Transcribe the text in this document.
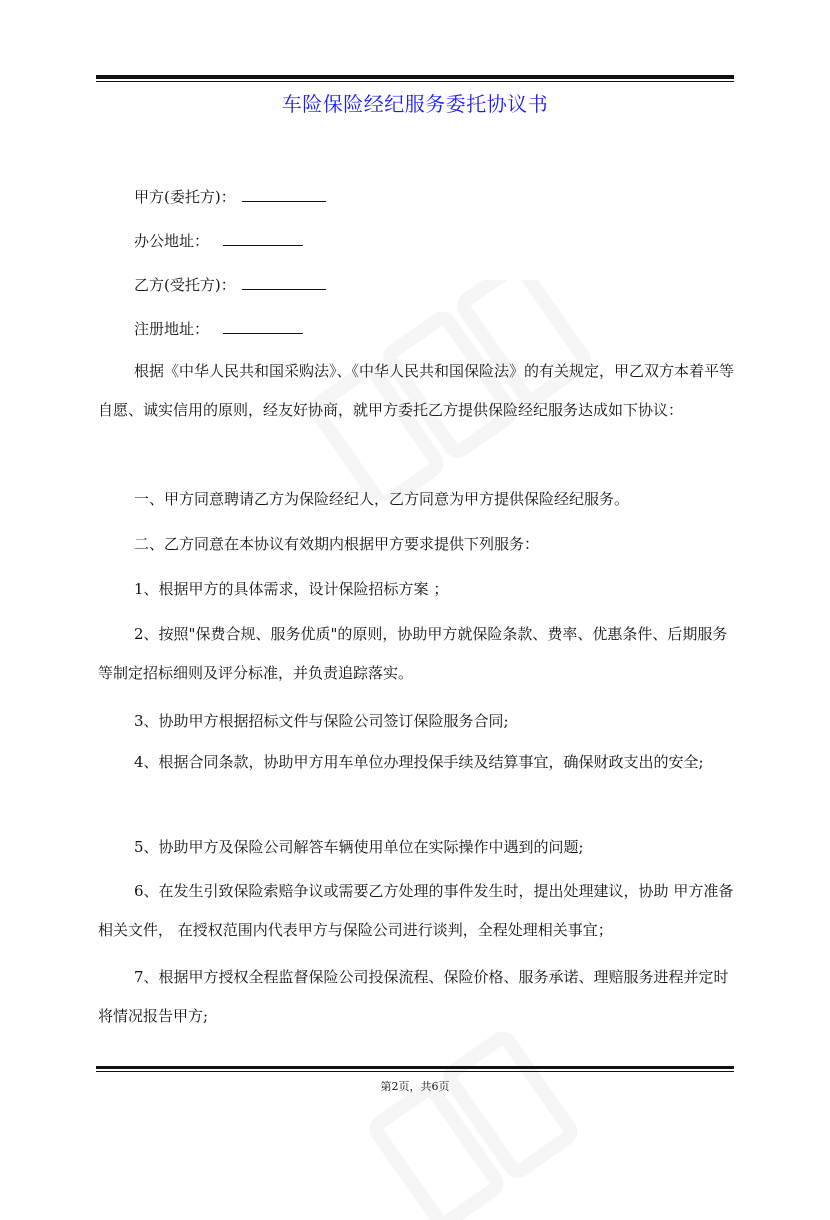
车险保险经纪服务委托协议书
甲方(委托方)：
办公地址：
乙方(受托方)：
注册地址：

根据《中华人民共和国采购法》、《中华人民共和国保险法》的有关规定，甲乙双方本着平等自愿、诚实信用的原则，经友好协商，就甲方委托乙方提供保险经纪服务达成如下协议：

一、甲方同意聘请乙方为保险经纪人，乙方同意为甲方提供保险经纪服务。

二、乙方同意在本协议有效期内根据甲方要求提供下列服务：

1、根据甲方的具体需求，设计保险招标方案 ；

2、按照"保费合规、服务优质"的原则，协助甲方就保险条款、费率、优惠条件、后期服务等制定招标细则及评分标准，并负责追踪落实。

3、协助甲方根据招标文件与保险公司签订保险服务合同;

4、根据合同条款，协助甲方用车单位办理投保手续及结算事宜，确保财政支出的安全;

5、协助甲方及保险公司解答车辆使用单位在实际操作中遇到的问题;

6、在发生引致保险索赔争议或需要乙方处理的事件发生时，提出处理建议，协助 甲方准备相关文件， 在授权范围内代表甲方与保险公司进行谈判，全程处理相关事宜；

7、根据甲方授权全程监督保险公司投保流程、保险价格、服务承诺、理赔服务进程并定时将情况报告甲方;

第2页，共6页
